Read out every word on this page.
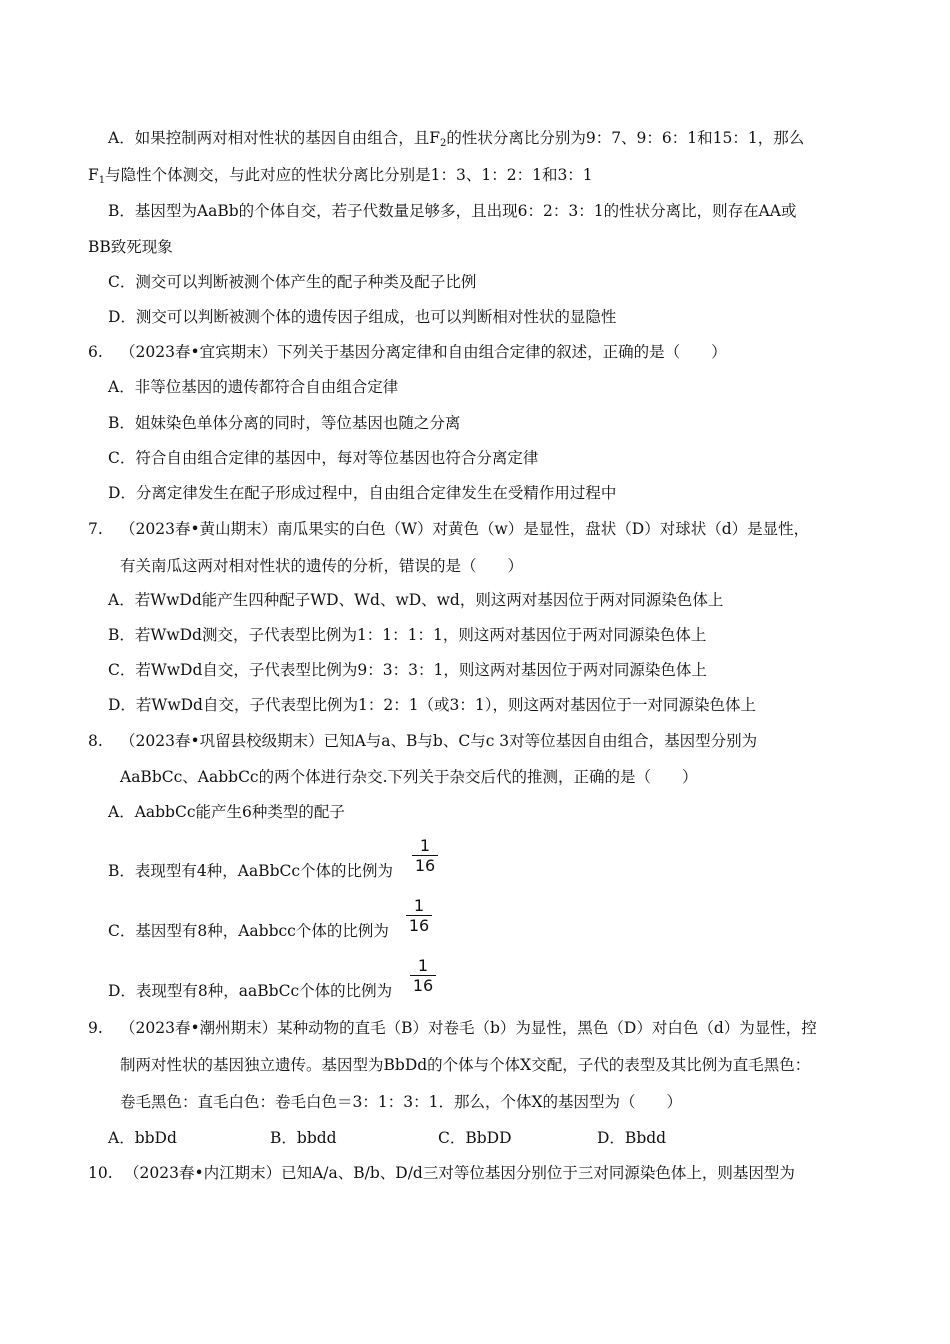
A．如果控制两对相对性状的基因自由组合，且$F_2$的性状分离比分别为9：7、9：6：1和15：1，那么
$F_1$与隐性个体测交，与此对应的性状分离比分别是1：3、1：2：1和3：1
B．基因型为AaBb的个体自交，若子代数量足够多，且出现6：2：3：1的性状分离比，则存在AA或
BB致死现象
C．测交可以判断被测个体产生的配子种类及配子比例
D．测交可以判断被测个体的遗传因子组成，也可以判断相对性状的显隐性
6. （2023春•宜宾期末）下列关于基因分离定律和自由组合定律的叙述，正确的是（　　）
A．非等位基因的遗传都符合自由组合定律
B．姐妹染色单体分离的同时，等位基因也随之分离
C．符合自由组合定律的基因中，每对等位基因也符合分离定律
D．分离定律发生在配子形成过程中，自由组合定律发生在受精作用过程中
7. （2023春•黄山期末）南瓜果实的白色（W）对黄色（w）是显性，盘状（D）对球状（d）是显性，
有关南瓜这两对相对性状的遗传的分析，错误的是（　　）
A．若WwDd能产生四种配子WD、Wd、wD、wd，则这两对基因位于两对同源染色体上
B．若WwDd测交，子代表型比例为1：1：1：1，则这两对基因位于两对同源染色体上
C．若WwDd自交，子代表型比例为9：3：3：1，则这两对基因位于两对同源染色体上
D．若WwDd自交，子代表型比例为1：2：1（或3：1），则这两对基因位于一对同源染色体上
8. （2023春•巩留县校级期末）已知A与a、B与b、C与c 3对等位基因自由组合，基因型分别为
AaBbCc、AabbCc的两个体进行杂交.下列关于杂交后代的推测，正确的是（　　）
A．AabbCc能产生6种类型的配子
B．表现型有4种，AaBbCc个体的比例为
1
16
C．基因型有8种，Aabbcc个体的比例为
1
16
D．表现型有8种，aaBbCc个体的比例为
1
16
9. （2023春•潮州期末）某种动物的直毛（B）对卷毛（b）为显性，黑色（D）对白色（d）为显性，控
制两对性状的基因独立遗传。基因型为BbDd的个体与个体X交配，子代的表型及其比例为直毛黑色：
卷毛黑色：直毛白色：卷毛白色＝3：1：3：1．那么，个体X的基因型为（　　）
A．bbDd	B．bbdd	C．BbDD	D．Bbdd
10. （2023春•内江期末）已知A/a、B/b、D/d三对等位基因分别位于三对同源染色体上，则基因型为
